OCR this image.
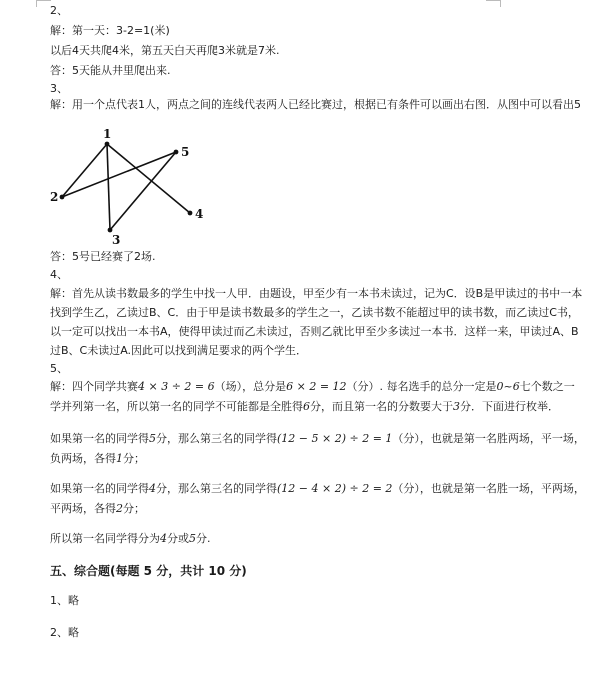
2、
解：第一天：3-2=1(米)
以后4天共爬4米，第五天白天再爬3米就是7米.
答：5天能从井里爬出来.
3、
解：用一个点代表1人，两点之间的连线代表两人已经比赛过，根据已有条件可以画出右图．从图中可以看出5
1
2
3
4
5
答：5号已经赛了2场.
4、
解：首先从读书数最多的学生中找一人甲．由题设，甲至少有一本书未读过，记为C．设B是甲读过的书中一本
找到学生乙，乙读过B、C．由于甲是读书数最多的学生之一，乙读书数不能超过甲的读书数，而乙读过C书，
以一定可以找出一本书A，使得甲读过而乙未读过，否则乙就比甲至少多读过一本书．这样一来，甲读过A、B
过B、C未读过A.因此可以找到满足要求的两个学生．
5、
解：四个同学共赛4 × 3 ÷ 2 = 6（场），总分是6 × 2 = 12（分）. 每名选手的总分一定是0~6七个数之一
学并列第一名，所以第一名的同学不可能都是全胜得6分，而且第一名的分数要大于3分．下面进行枚举．
如果第一名的同学得5分，那么第三名的同学得(12 − 5 × 2) ÷ 2 = 1（分），也就是第一名胜两场，平一场，
负两场，各得1分；
如果第一名的同学得4分，那么第三名的同学得(12 − 4 × 2) ÷ 2 = 2（分），也就是第一名胜一场，平两场，
平两场，各得2分；
所以第一名同学得分为4分或5分.
五、综合题(每题 5 分，共计 10 分)
1、略
2、略
